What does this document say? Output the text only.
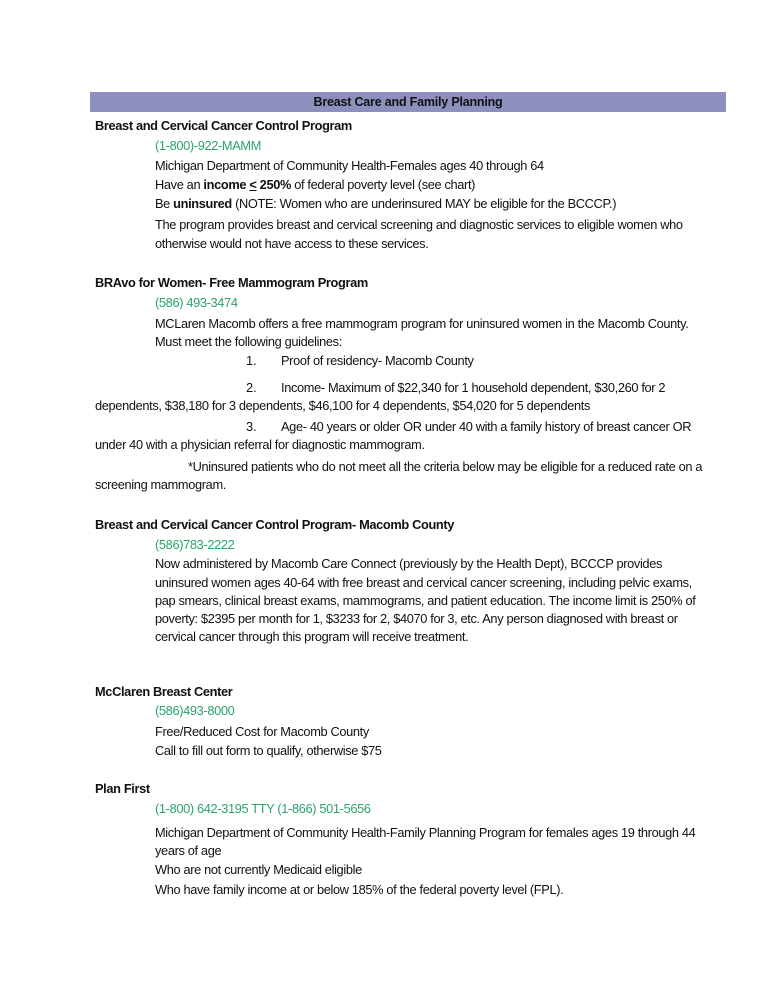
Breast Care and Family Planning
Breast and Cervical Cancer Control Program
(1-800)-922-MAMM
Michigan Department of Community Health-Females ages 40 through 64
Have an income < 250% of federal poverty level (see chart)
Be uninsured (NOTE: Women who are underinsured MAY be eligible for the BCCCP.)
The program provides breast and cervical screening and diagnostic services to eligible women who
otherwise would not have access to these services.
BRAvo for Women- Free Mammogram Program
(586) 493-3474
MCLaren Macomb offers a free mammogram program for uninsured women in the Macomb County.
Must meet the following guidelines:
1. Proof of residency- Macomb County
2. Income- Maximum of $22,340 for 1 household dependent, $30,260 for 2
dependents, $38,180 for 3 dependents, $46,100 for 4 dependents, $54,020 for 5 dependents
3. Age- 40 years or older OR under 40 with a family history of breast cancer OR
under 40 with a physician referral for diagnostic mammogram.
*Uninsured patients who do not meet all the criteria below may be eligible for a reduced rate on a
screening mammogram.
Breast and Cervical Cancer Control Program- Macomb County
(586)783-2222
Now administered by Macomb Care Connect (previously by the Health Dept), BCCCP provides
uninsured women ages 40-64 with free breast and cervical cancer screening, including pelvic exams,
pap smears, clinical breast exams, mammograms, and patient education. The income limit is 250% of
poverty: $2395 per month for 1, $3233 for 2, $4070 for 3, etc. Any person diagnosed with breast or
cervical cancer through this program will receive treatment.
McClaren Breast Center
(586)493-8000
Free/Reduced Cost for Macomb County
Call to fill out form to qualify, otherwise $75
Plan First
(1-800) 642-3195 TTY (1-866) 501-5656
Michigan Department of Community Health-Family Planning Program for females ages 19 through 44
years of age
Who are not currently Medicaid eligible
Who have family income at or below 185% of the federal poverty level (FPL).
